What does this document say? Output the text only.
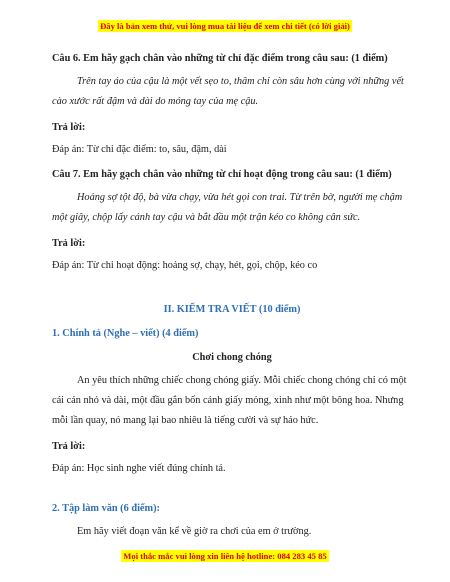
Đây là bản xem thử, vui lòng mua tài liệu để xem chi tiết (có lời giải)
Câu 6. Em hãy gạch chân vào những từ chỉ đặc điểm trong câu sau: (1 điểm)
Trên tay áo của cậu là một vết sẹo to, thâm chỉ còn sâu hơn cùng với những vết cào xước rất đậm và dài do móng tay của mẹ cậu.
Trả lời:
Đáp án: Từ chỉ đặc điểm: to, sâu, đậm, dài
Câu 7. Em hãy gạch chân vào những từ chỉ hoạt động trong câu sau: (1 điểm)
Hoảng sợ tột độ, bà vừa chạy, vừa hét gọi con trai. Từ trên bờ, người mẹ chậm một giây, chộp lấy cánh tay cậu và bắt đầu một trận kéo co không cân sức.
Trả lời:
Đáp án: Từ chỉ hoạt động: hoảng sợ, chạy, hét, gọi, chộp, kéo co
II. KIỂM TRA VIẾT (10 điểm)
1. Chính tả (Nghe – viết) (4 điểm)
Chơi chong chóng
An yêu thích những chiếc chong chóng giấy. Mỗi chiếc chong chóng chỉ có một cái cán nhỏ và dài, một đầu gắn bốn cánh giấy mỏng, xinh như một bông hoa. Nhưng mỗi lần quay, nó mang lại bao nhiêu là tiếng cười và sự háo hức.
Trả lời:
Đáp án: Học sinh nghe viết đúng chính tả.
2. Tập làm văn (6 điểm):
Em hãy viết đoạn văn kể về giờ ra chơi của em ở trường.
Mọi thắc mắc vui lòng xin liên hệ hotline: 084 283 45 85
